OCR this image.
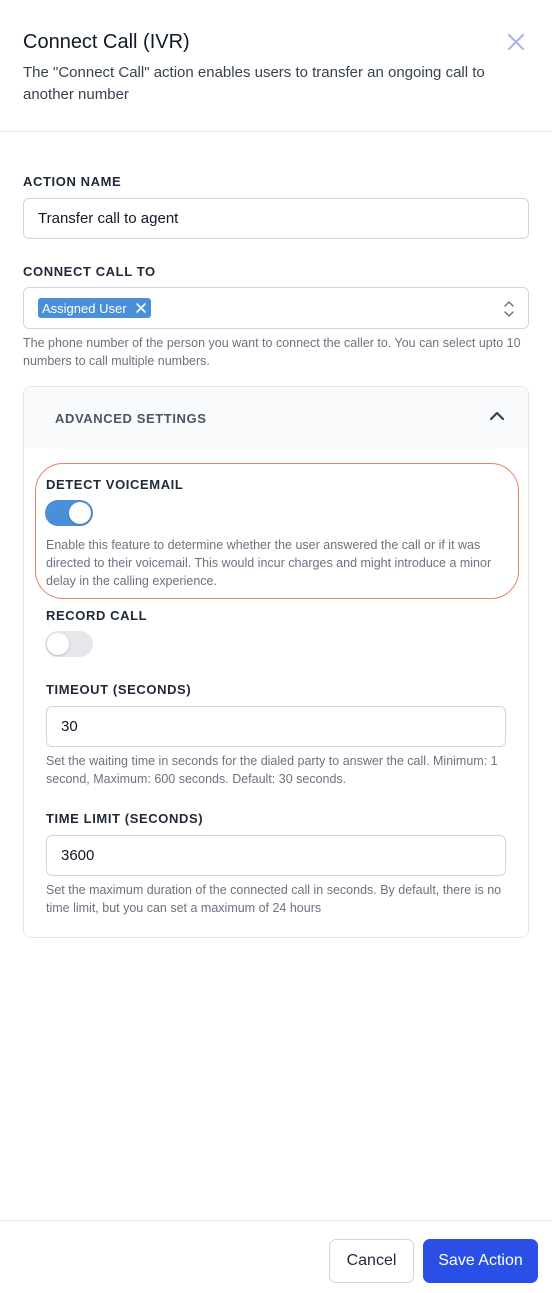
Connect Call (IVR)
The "Connect Call" action enables users to transfer an ongoing call to another number
ACTION NAME
Transfer call to agent
CONNECT CALL TO
Assigned User
The phone number of the person you want to connect the caller to. You can select upto 10 numbers to call multiple numbers.
ADVANCED SETTINGS
DETECT VOICEMAIL
Enable this feature to determine whether the user answered the call or if it was directed to their voicemail. This would incur charges and might introduce a minor delay in the calling experience.
RECORD CALL
TIMEOUT (SECONDS)
30
Set the waiting time in seconds for the dialed party to answer the call. Minimum: 1 second, Maximum: 600 seconds. Default: 30 seconds.
TIME LIMIT (SECONDS)
3600
Set the maximum duration of the connected call in seconds. By default, there is no time limit, but you can set a maximum of 24 hours
Cancel	Save Action
